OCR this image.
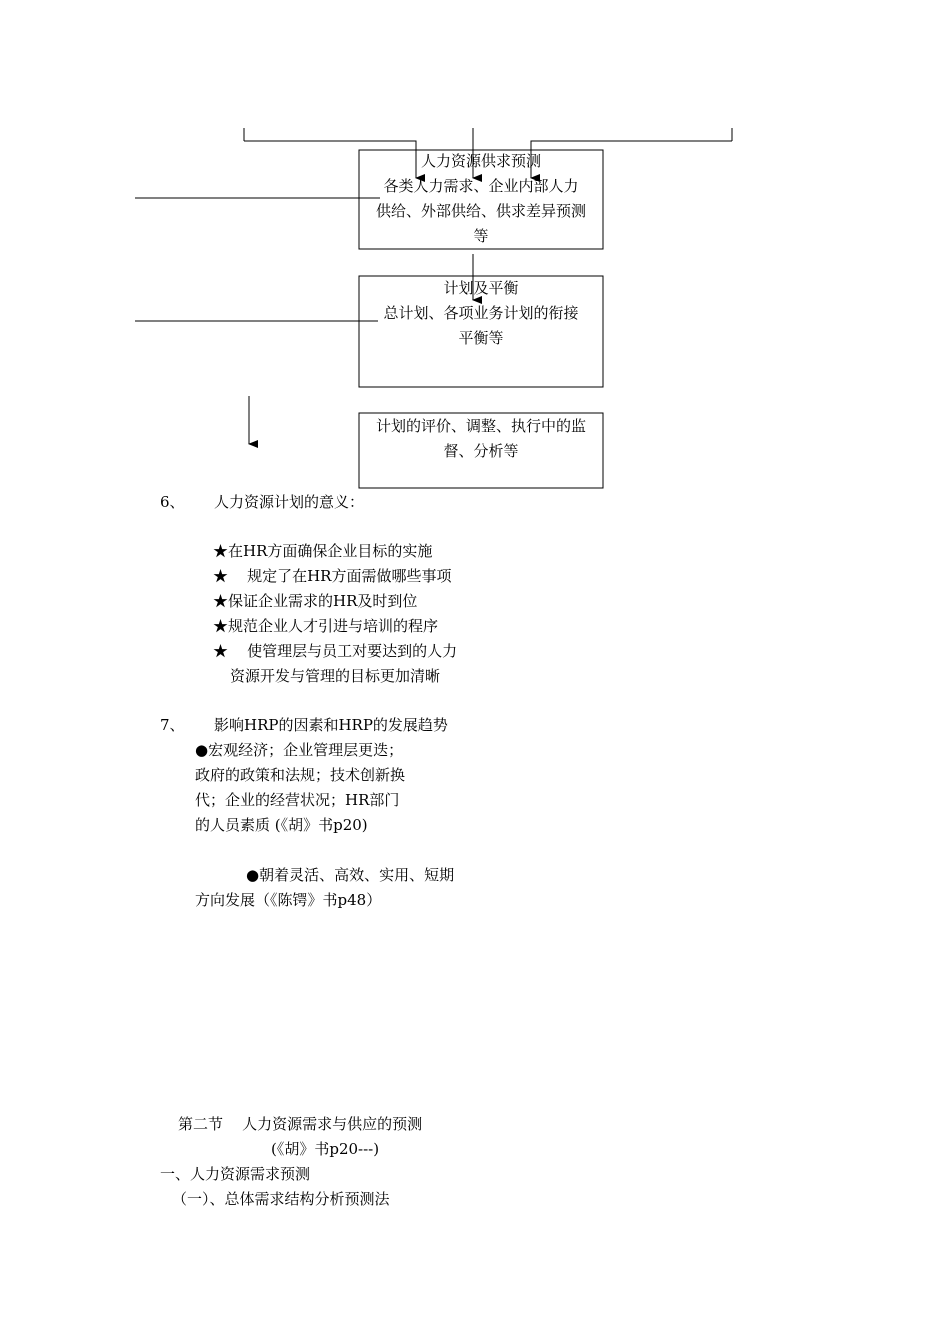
人力资源供求预测
各类人力需求、企业内部人力
供给、外部供给、供求差异预测
等
计划及平衡
总计划、各项业务计划的衔接
平衡等
计划的评价、调整、执行中的监
督、分析等
6、 人力资源计划的意义：
★在HR方面确保企业目标的实施
★    规定了在HR方面需做哪些事项
★保证企业需求的HR及时到位
★规范企业人才引进与培训的程序
★    使管理层与员工对要达到的人力
资源开发与管理的目标更加清晰
7、 影响HRP的因素和HRP的发展趋势
●宏观经济；企业管理层更迭；
政府的政策和法规；技术创新换
代；企业的经营状况；HR部门
的人员素质 (《胡》书p20)
●朝着灵活、高效、实用、短期
方向发展（《陈锷》书p48）
第二节    人力资源需求与供应的预测
(《胡》书p20---)
一、人力资源需求预测
（一）、总体需求结构分析预测法
